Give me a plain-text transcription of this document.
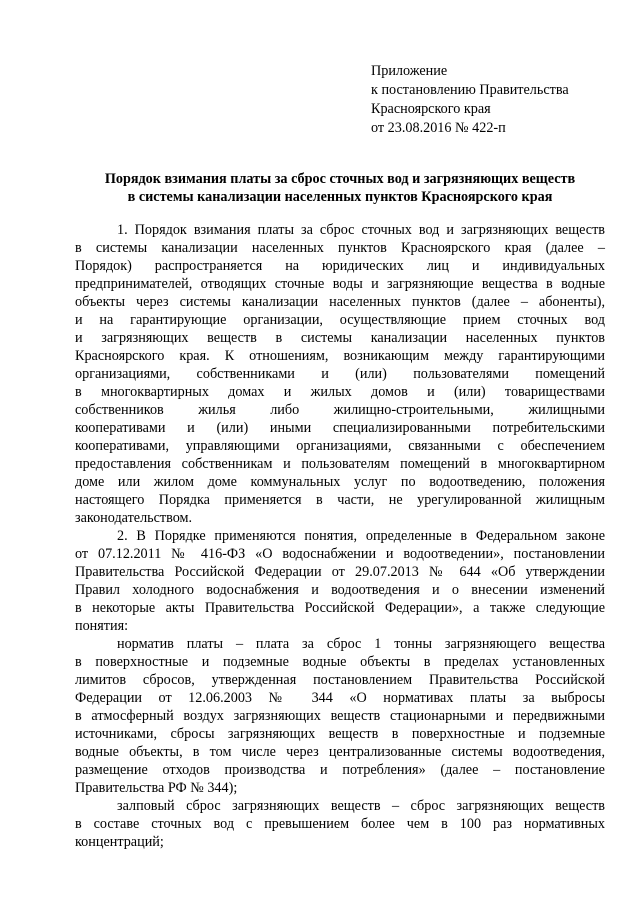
Приложение
к постановлению Правительства
Красноярского края
от 23.08.2016 № 422-п
Порядок взимания платы за сброс сточных вод и загрязняющих веществ
в системы канализации населенных пунктов Красноярского края
1. Порядок взимания платы за сброс сточных вод и загрязняющих веществ
в системы канализации населенных пунктов Красноярского края (далее –
Порядок) распространяется на юридических лиц и индивидуальных
предпринимателей, отводящих сточные воды и загрязняющие вещества в водные
объекты через системы канализации населенных пунктов (далее – абоненты),
и на гарантирующие организации, осуществляющие прием сточных вод
и загрязняющих веществ в системы канализации населенных пунктов
Красноярского края. К отношениям, возникающим между гарантирующими
организациями, собственниками и (или) пользователями помещений
в многоквартирных домах и жилых домов и (или) товариществами
собственников жилья либо жилищно-строительными, жилищными
кооперативами и (или) иными специализированными потребительскими
кооперативами, управляющими организациями, связанными с обеспечением
предоставления собственникам и пользователям помещений в многоквартирном
доме или жилом доме коммунальных услуг по водоотведению, положения
настоящего Порядка применяется в части, не урегулированной жилищным
законодательством.
2. В Порядке применяются понятия, определенные в Федеральном законе
от 07.12.2011 № 416-ФЗ «О водоснабжении и водоотведении», постановлении
Правительства Российской Федерации от 29.07.2013 № 644 «Об утверждении
Правил холодного водоснабжения и водоотведения и о внесении изменений
в некоторые акты Правительства Российской Федерации», а также следующие
понятия:
норматив платы – плата за сброс 1 тонны загрязняющего вещества
в поверхностные и подземные водные объекты в пределах установленных
лимитов сбросов, утвержденная постановлением Правительства Российской
Федерации от 12.06.2003 № 344 «О нормативах платы за выбросы
в атмосферный воздух загрязняющих веществ стационарными и передвижными
источниками, сбросы загрязняющих веществ в поверхностные и подземные
водные объекты, в том числе через централизованные системы водоотведения,
размещение отходов производства и потребления» (далее – постановление
Правительства РФ № 344);
залповый сброс загрязняющих веществ – сброс загрязняющих веществ
в составе сточных вод с превышением более чем в 100 раз нормативных
концентраций;
